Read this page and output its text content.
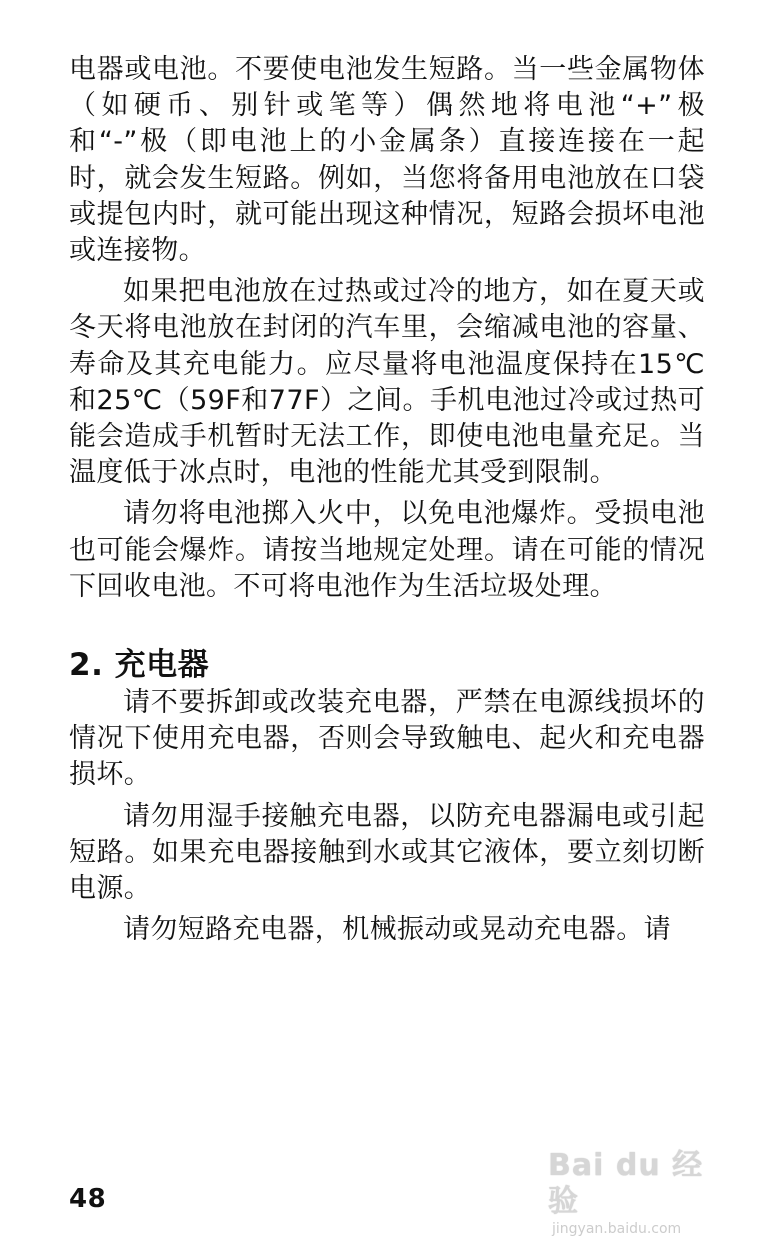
电器或电池。不要使电池发生短路。当一些金属物体（如硬币、别针或笔等）偶然地将电池“+”极和“-”极（即电池上的小金属条）直接连接在一起时，就会发生短路。例如，当您将备用电池放在口袋或提包内时，就可能出现这种情况，短路会损坏电池或连接物。

如果把电池放在过热或过冷的地方，如在夏天或冬天将电池放在封闭的汽车里，会缩减电池的容量、寿命及其充电能力。应尽量将电池温度保持在15℃和25℃（59F和77F）之间。手机电池过冷或过热可能会造成手机暂时无法工作，即使电池电量充足。当温度低于冰点时，电池的性能尤其受到限制。

请勿将电池掷入火中，以免电池爆炸。受损电池也可能会爆炸。请按当地规定处理。请在可能的情况下回收电池。不可将电池作为生活垃圾处理。

2. 充电器

请不要拆卸或改装充电器，严禁在电源线损坏的情况下使用充电器，否则会导致触电、起火和充电器损坏。

请勿用湿手接触充电器，以防充电器漏电或引起短路。如果充电器接触到水或其它液体，要立刻切断电源。

请勿短路充电器，机械振动或晃动充电器。请

48
Bai du 经验
jingyan.baidu.com
